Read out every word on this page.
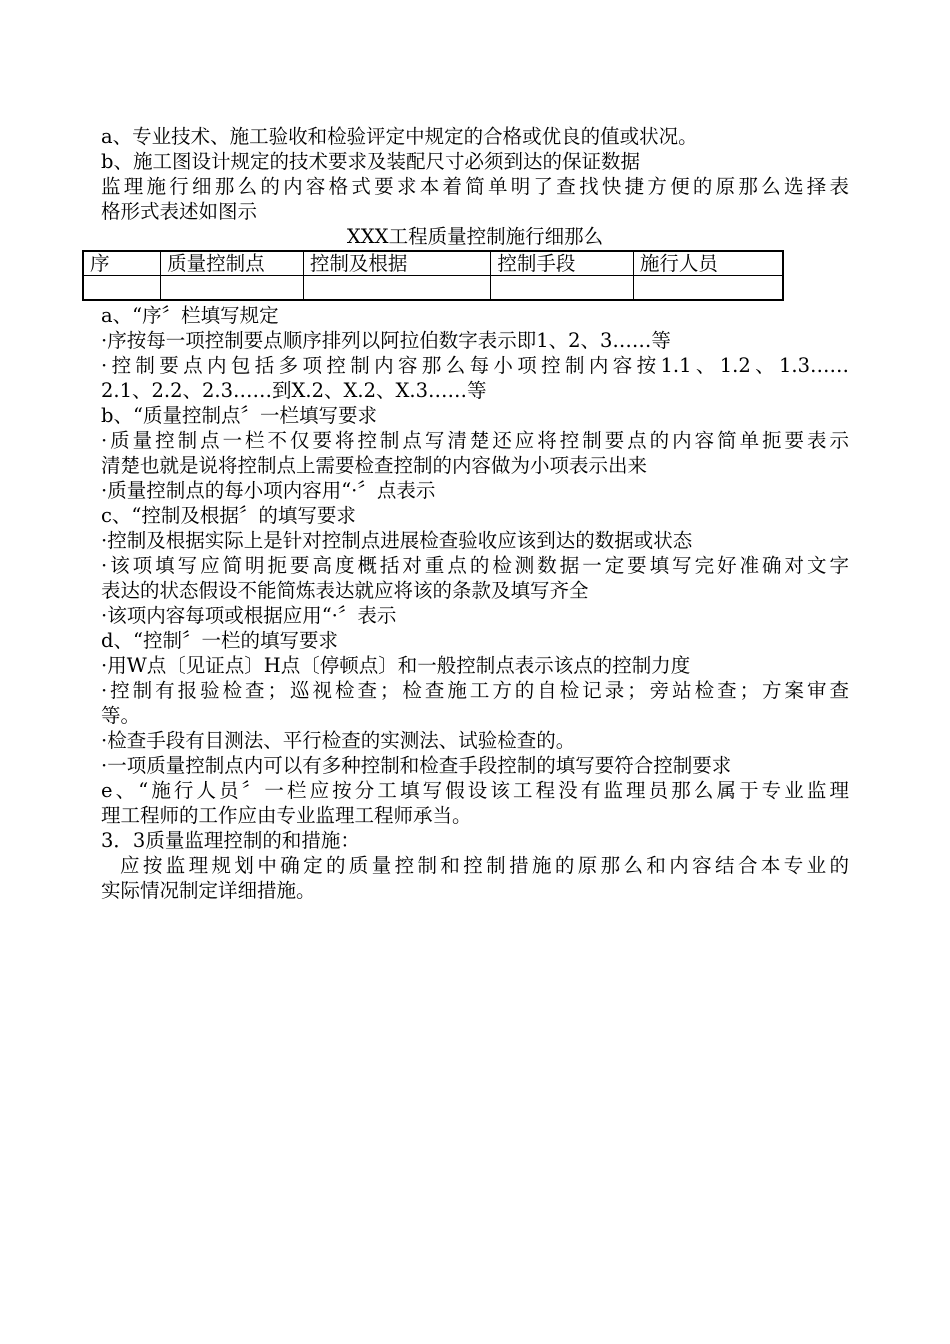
a、专业技术、施工验收和检验评定中规定的合格或优良的值或状况。
b、施工图设计规定的技术要求及装配尺寸必须到达的保证数据
监理施行细那么的内容格式要求本着简单明了查找快捷方便的原那么选择表
格形式表述如图示
XXX工程质量控制施行细那么
序	质量控制点	控制及根据	控制手段	施行人员

a、“序〞栏填写规定
·序按每一项控制要点顺序排列以阿拉伯数字表示即1、2、3……等
·控制要点内包括多项控制内容那么每小项控制内容按1.1、1.2、1.3……
2.1、2.2、2.3……到X.2、X.2、X.3……等
b、“质量控制点〞一栏填写要求
·质量控制点一栏不仅要将控制点写清楚还应将控制要点的内容简单扼要表示
清楚也就是说将控制点上需要检查控制的内容做为小项表示出来
·质量控制点的每小项内容用“·〞点表示
c、“控制及根据〞的填写要求
·控制及根据实际上是针对控制点进展检查验收应该到达的数据或状态
·该项填写应简明扼要高度概括对重点的检测数据一定要填写完好准确对文字
表达的状态假设不能简炼表达就应将该的条款及填写齐全
·该项内容每项或根据应用“·〞表示
d、“控制〞一栏的填写要求
·用W点〔见证点〕H点〔停顿点〕和一般控制点表示该点的控制力度
·控制有报验检查；巡视检查；检查施工方的自检记录；旁站检查；方案审查
等。
·检查手段有目测法、平行检查的实测法、试验检查的。
·一项质量控制点内可以有多种控制和检查手段控制的填写要符合控制要求
e、“施行人员〞一栏应按分工填写假设该工程没有监理员那么属于专业监理
理工程师的工作应由专业监理工程师承当。
3．3质量监理控制的和措施：
应按监理规划中确定的质量控制和控制措施的原那么和内容结合本专业的
实际情况制定详细措施。
